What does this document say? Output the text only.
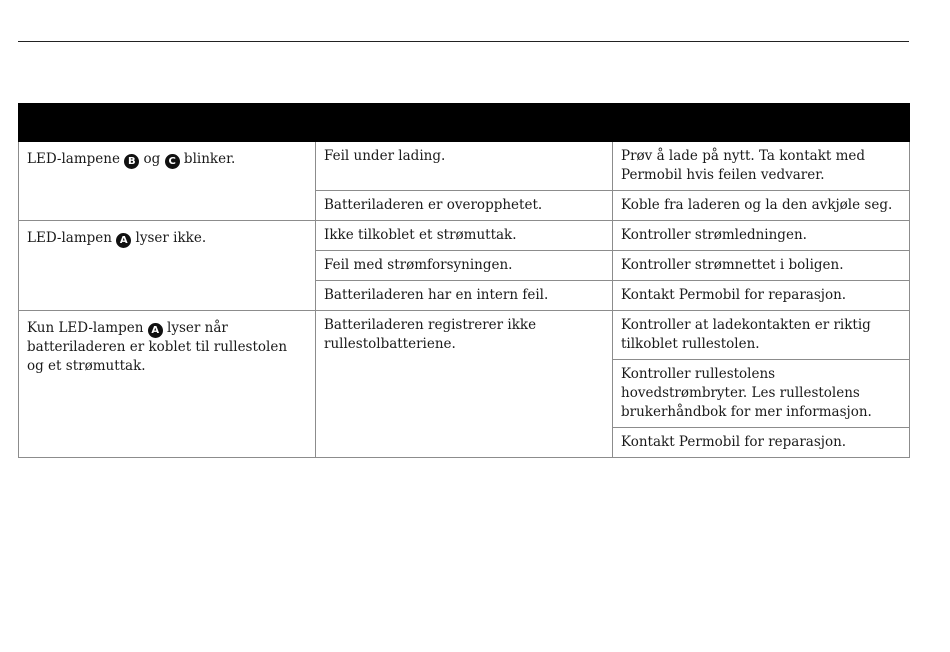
LED-lampene B og C blinker.	Feil under lading.	Prøv å lade på nytt. Ta kontakt med Permobil hvis feilen vedvarer.
	Batteriladeren er overopphetet.	Koble fra laderen og la den avkjøle seg.
LED-lampen A lyser ikke.	Ikke tilkoblet et strømuttak.	Kontroller strømledningen.
	Feil med strømforsyningen.	Kontroller strømnettet i boligen.
	Batteriladeren har en intern feil.	Kontakt Permobil for reparasjon.
Kun LED-lampen A lyser når batteriladeren er koblet til rullestolen og et strømuttak.	Batteriladeren registrerer ikke rullestolbatteriene.	Kontroller at ladekontakten er riktig tilkoblet rullestolen.
		Kontroller rullestolens hovedstrømbryter. Les rullestolens brukerhåndbok for mer informasjon.
		Kontakt Permobil for reparasjon.
